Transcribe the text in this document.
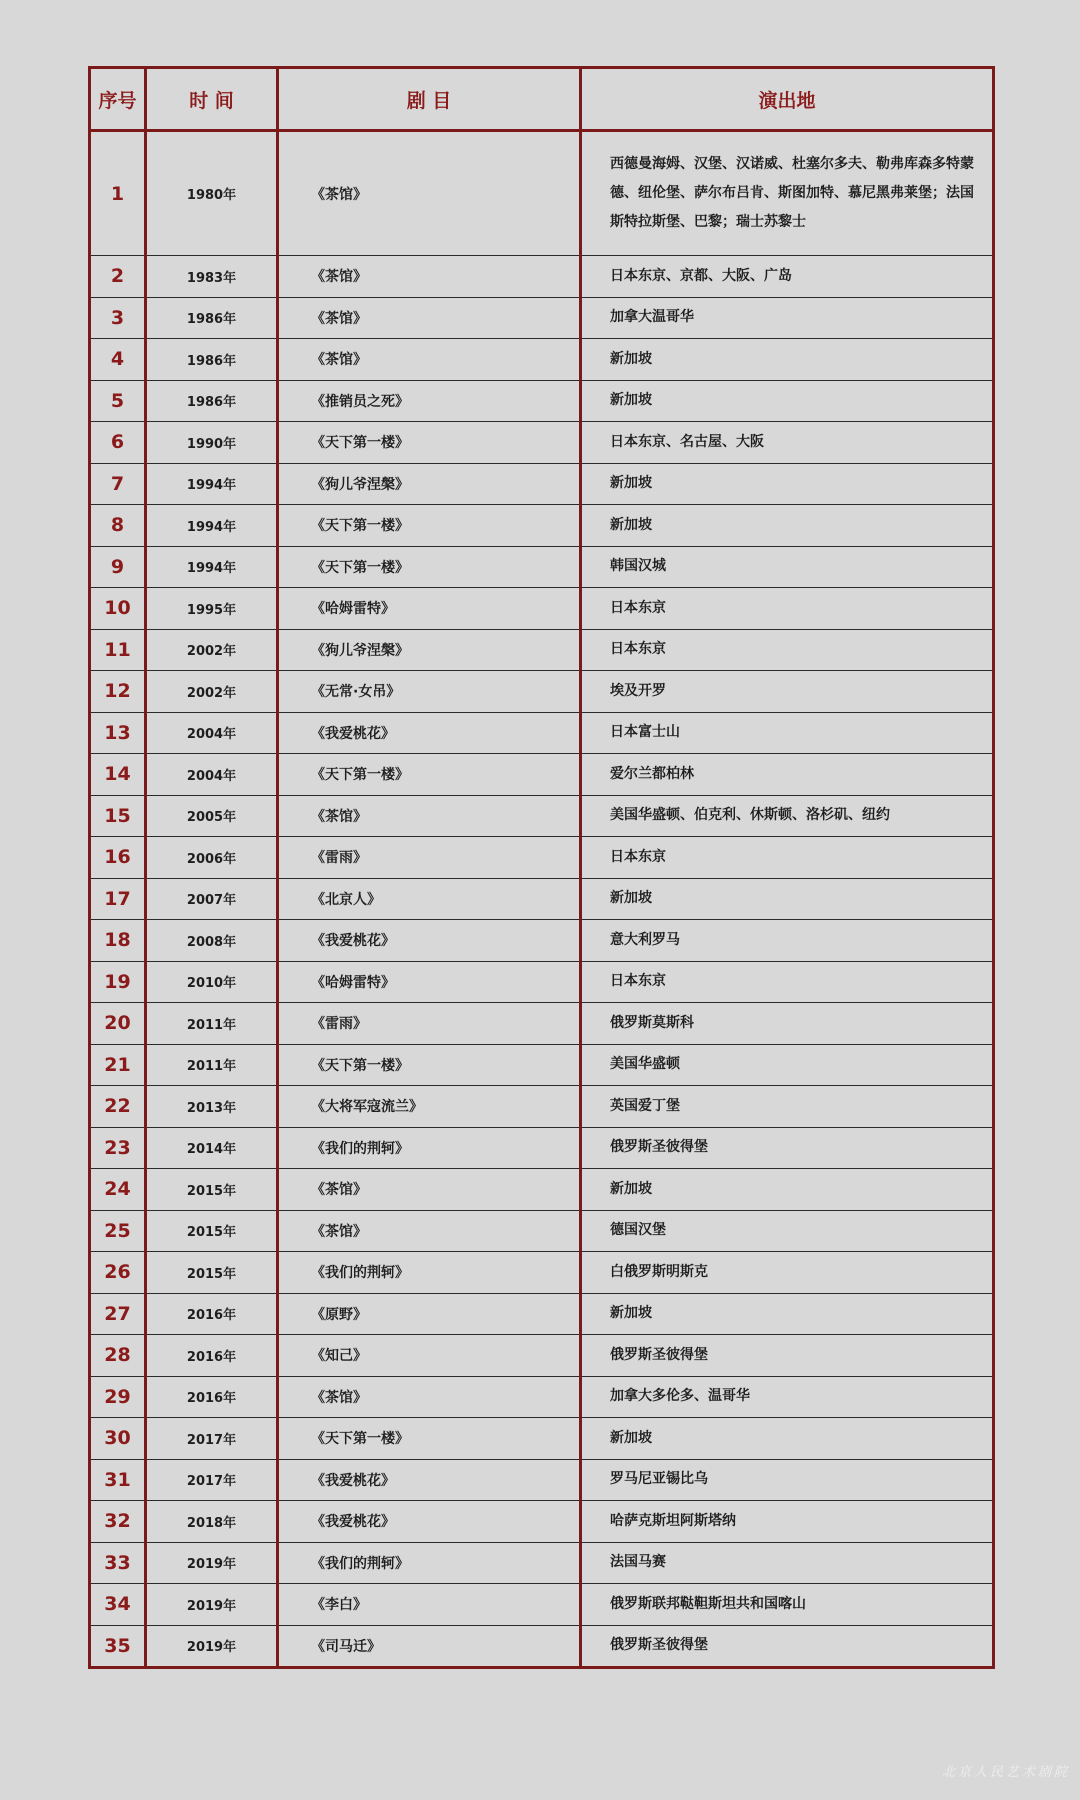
序号	时 间	剧 目	演出地
1	1980年	《茶馆》	西德曼海姆、汉堡、汉诺威、杜塞尔多夫、勒弗库森多特蒙德、纽伦堡、萨尔布吕肯、斯图加特、慕尼黑弗莱堡；法国斯特拉斯堡、巴黎；瑞士苏黎士
2	1983年	《茶馆》	日本东京、京都、大阪、广岛
3	1986年	《茶馆》	加拿大温哥华
4	1986年	《茶馆》	新加坡
5	1986年	《推销员之死》	新加坡
6	1990年	《天下第一楼》	日本东京、名古屋、大阪
7	1994年	《狗儿爷涅槃》	新加坡
8	1994年	《天下第一楼》	新加坡
9	1994年	《天下第一楼》	韩国汉城
10	1995年	《哈姆雷特》	日本东京
11	2002年	《狗儿爷涅槃》	日本东京
12	2002年	《无常·女吊》	埃及开罗
13	2004年	《我爱桃花》	日本富士山
14	2004年	《天下第一楼》	爱尔兰都柏林
15	2005年	《茶馆》	美国华盛顿、伯克利、休斯顿、洛杉矶、纽约
16	2006年	《雷雨》	日本东京
17	2007年	《北京人》	新加坡
18	2008年	《我爱桃花》	意大利罗马
19	2010年	《哈姆雷特》	日本东京
20	2011年	《雷雨》	俄罗斯莫斯科
21	2011年	《天下第一楼》	美国华盛顿
22	2013年	《大将军寇流兰》	英国爱丁堡
23	2014年	《我们的荆轲》	俄罗斯圣彼得堡
24	2015年	《茶馆》	新加坡
25	2015年	《茶馆》	德国汉堡
26	2015年	《我们的荆轲》	白俄罗斯明斯克
27	2016年	《原野》	新加坡
28	2016年	《知己》	俄罗斯圣彼得堡
29	2016年	《茶馆》	加拿大多伦多、温哥华
30	2017年	《天下第一楼》	新加坡
31	2017年	《我爱桃花》	罗马尼亚锡比乌
32	2018年	《我爱桃花》	哈萨克斯坦阿斯塔纳
33	2019年	《我们的荆轲》	法国马赛
34	2019年	《李白》	俄罗斯联邦鞑靼斯坦共和国喀山
35	2019年	《司马迁》	俄罗斯圣彼得堡
北京人民艺术剧院
